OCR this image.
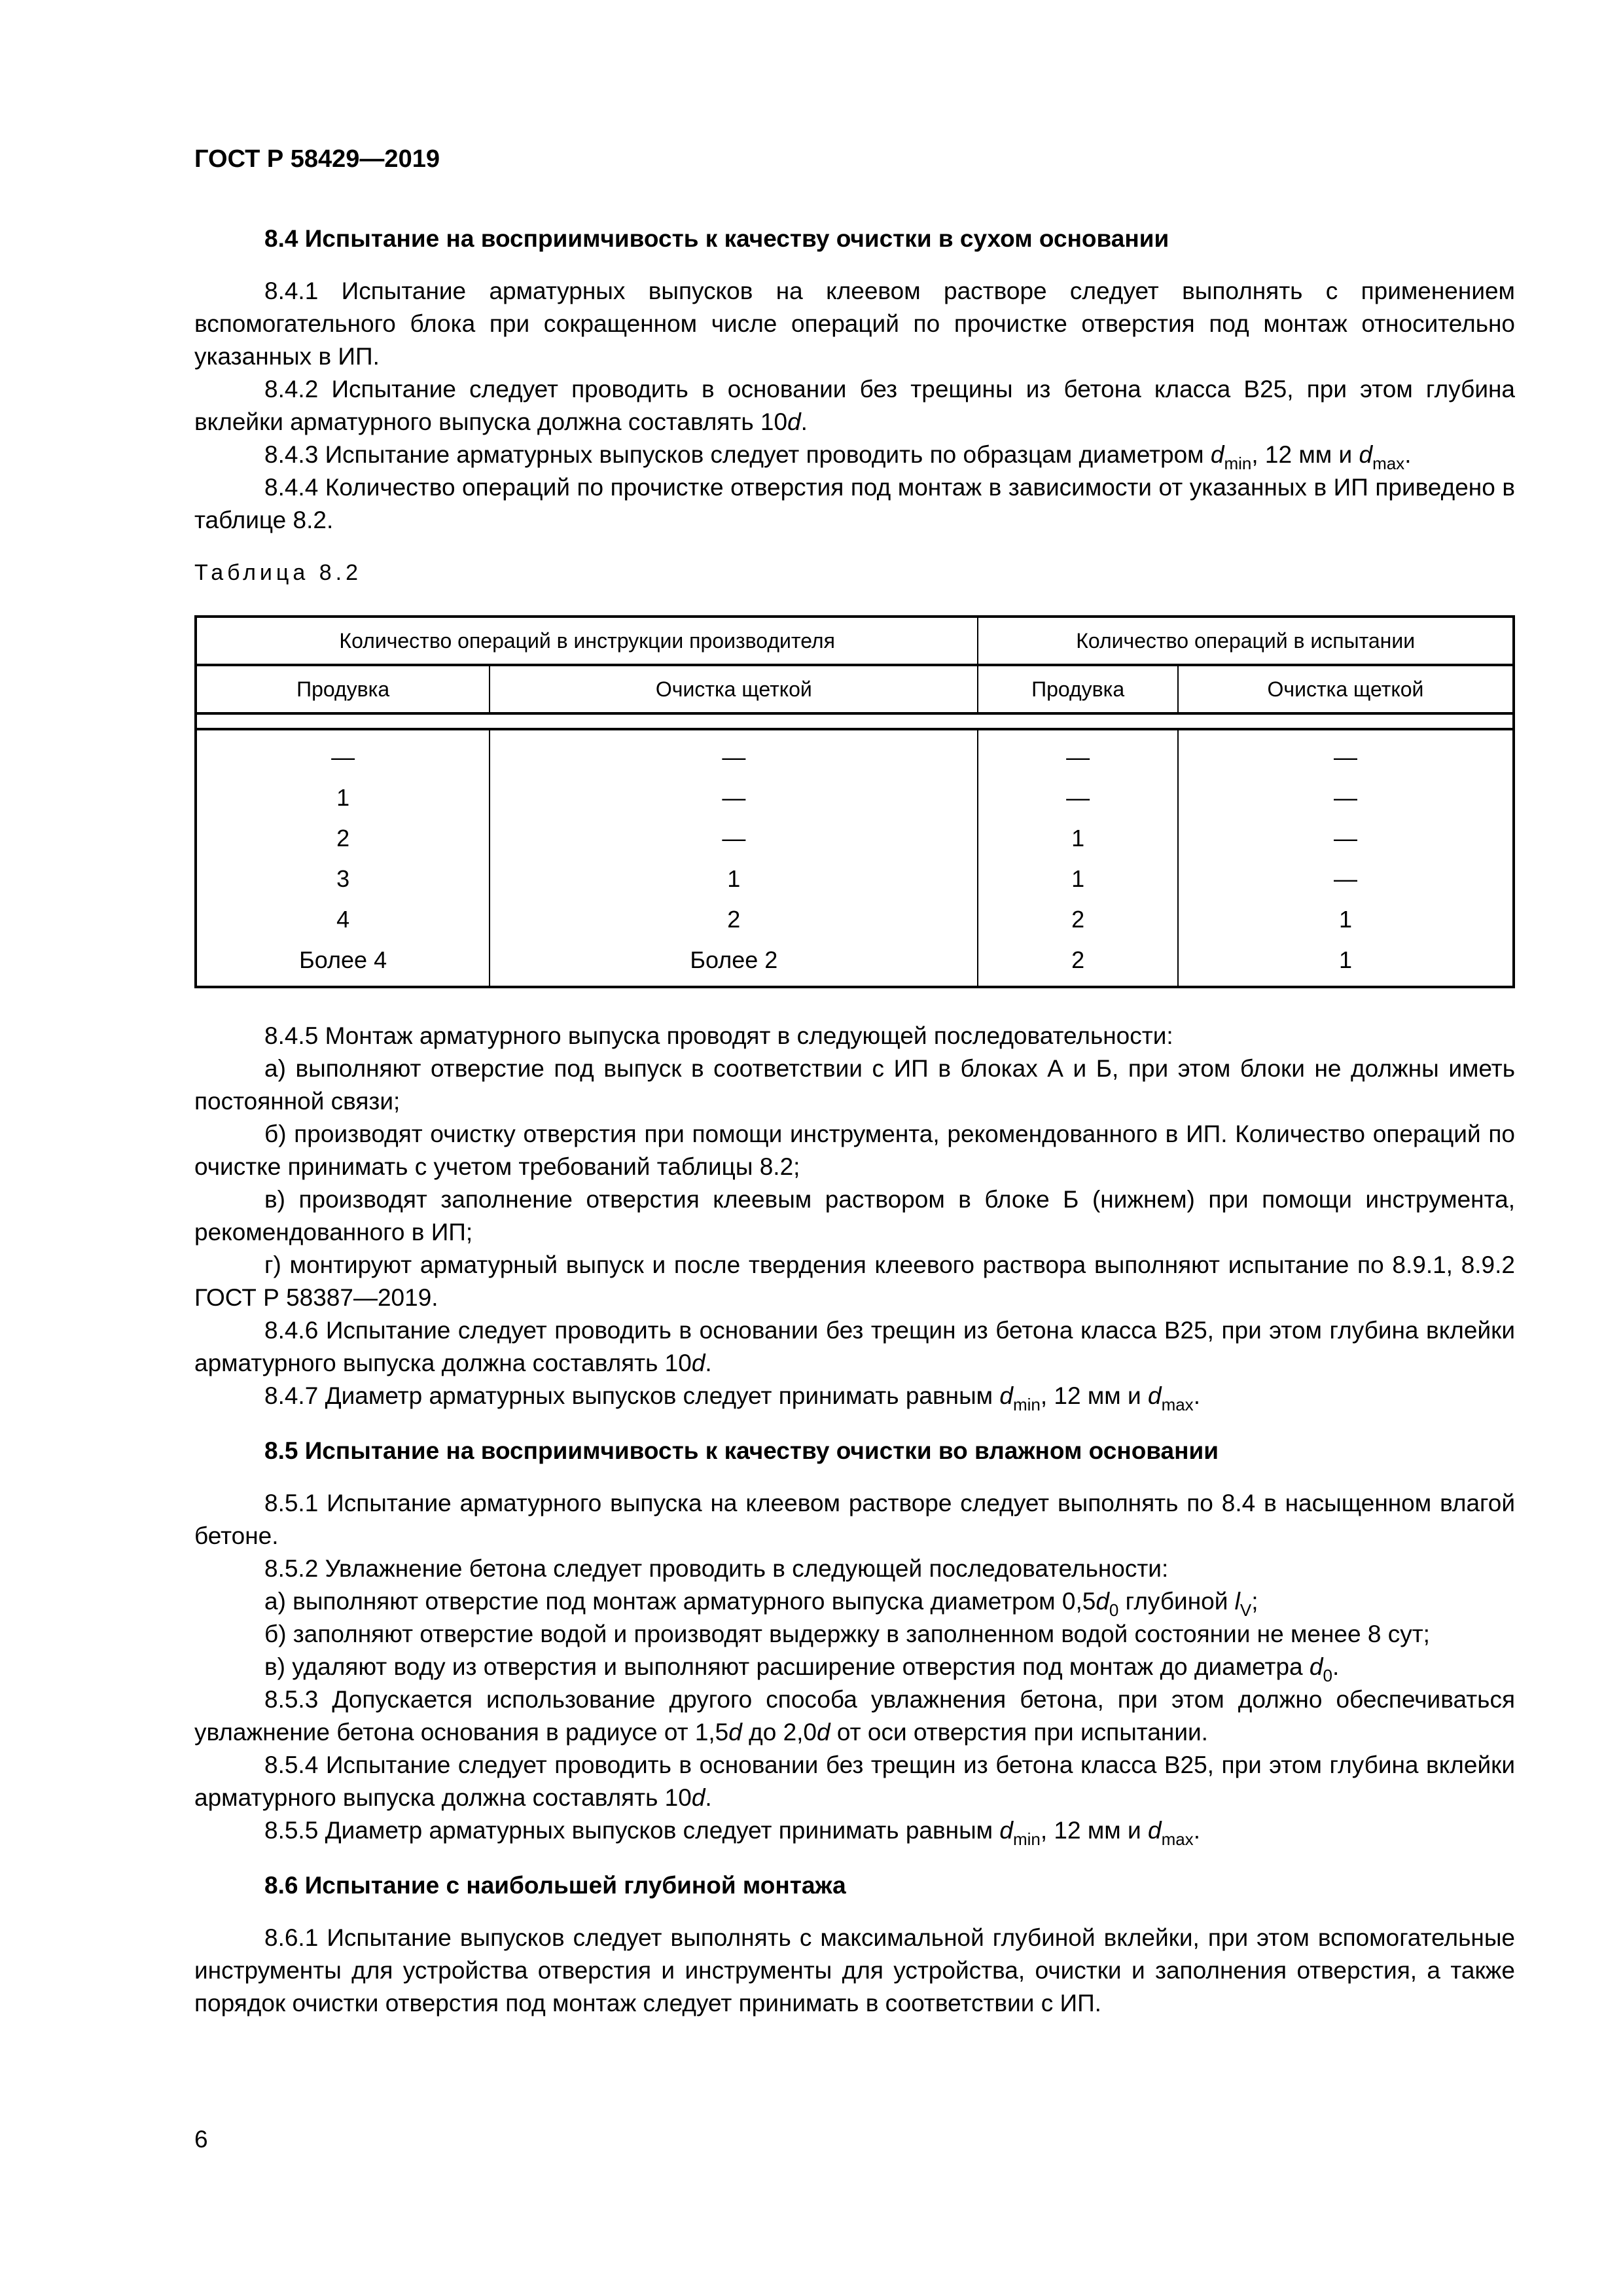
ГОСТ Р 58429—2019
8.4 Испытание на восприимчивость к качеству очистки в сухом основании

8.4.1 Испытание арматурных выпусков на клеевом растворе следует выполнять с применением вспомогательного блока при сокращенном числе операций по прочистке отверстия под монтаж относительно указанных в ИП.

8.4.2 Испытание следует проводить в основании без трещины из бетона класса В25, при этом глубина вклейки арматурного выпуска должна составлять 10d.

8.4.3 Испытание арматурных выпусков следует проводить по образцам диаметром $d_{min}$, 12 мм и $d_{max}$.

8.4.4 Количество операций по прочистке отверстия под монтаж в зависимости от указанных в ИП приведено в таблице 8.2.

Таблица 8.2

Количество операций в инструкции производителя		Количество операций в испытании	
Продувка	Очистка щеткой	Продувка	Очистка щеткой

—	—	—	—
1	—	—	—
2	—	1	—
3	1	1	—
4	2	2	1
Более 4	Более 2	2	1

8.4.5 Монтаж арматурного выпуска проводят в следующей последовательности:

а) выполняют отверстие под выпуск в соответствии с ИП в блоках А и Б, при этом блоки не должны иметь постоянной связи;

б) производят очистку отверстия при помощи инструмента, рекомендованного в ИП. Количество операций по очистке принимать с учетом требований таблицы 8.2;

в) производят заполнение отверстия клеевым раствором в блоке Б (нижнем) при помощи инструмента, рекомендованного в ИП;

г) монтируют арматурный выпуск и после твердения клеевого раствора выполняют испытание по 8.9.1, 8.9.2 ГОСТ Р 58387—2019.

8.4.6 Испытание следует проводить в основании без трещин из бетона класса В25, при этом глубина вклейки арматурного выпуска должна составлять 10d.

8.4.7 Диаметр арматурных выпусков следует принимать равным $d_{min}$, 12 мм и $d_{max}$.

8.5 Испытание на восприимчивость к качеству очистки во влажном основании

8.5.1 Испытание арматурного выпуска на клеевом растворе следует выполнять по 8.4 в насыщенном влагой бетоне.

8.5.2 Увлажнение бетона следует проводить в следующей последовательности:

а) выполняют отверстие под монтаж арматурного выпуска диаметром $0,5d_0$ глубиной $l_V$;

б) заполняют отверстие водой и производят выдержку в заполненном водой состоянии не менее 8 сут;

в) удаляют воду из отверстия и выполняют расширение отверстия под монтаж до диаметра $d_0$.

8.5.3 Допускается использование другого способа увлажнения бетона, при этом должно обеспечиваться увлажнение бетона основания в радиусе от 1,5d до 2,0d от оси отверстия при испытании.

8.5.4 Испытание следует проводить в основании без трещин из бетона класса В25, при этом глубина вклейки арматурного выпуска должна составлять 10d.

8.5.5 Диаметр арматурных выпусков следует принимать равным $d_{min}$, 12 мм и $d_{max}$.

8.6 Испытание с наибольшей глубиной монтажа

8.6.1 Испытание выпусков следует выполнять с максимальной глубиной вклейки, при этом вспомогательные инструменты для устройства отверстия и инструменты для устройства, очистки и заполнения отверстия, а также порядок очистки отверстия под монтаж следует принимать в соответствии с ИП.

6
